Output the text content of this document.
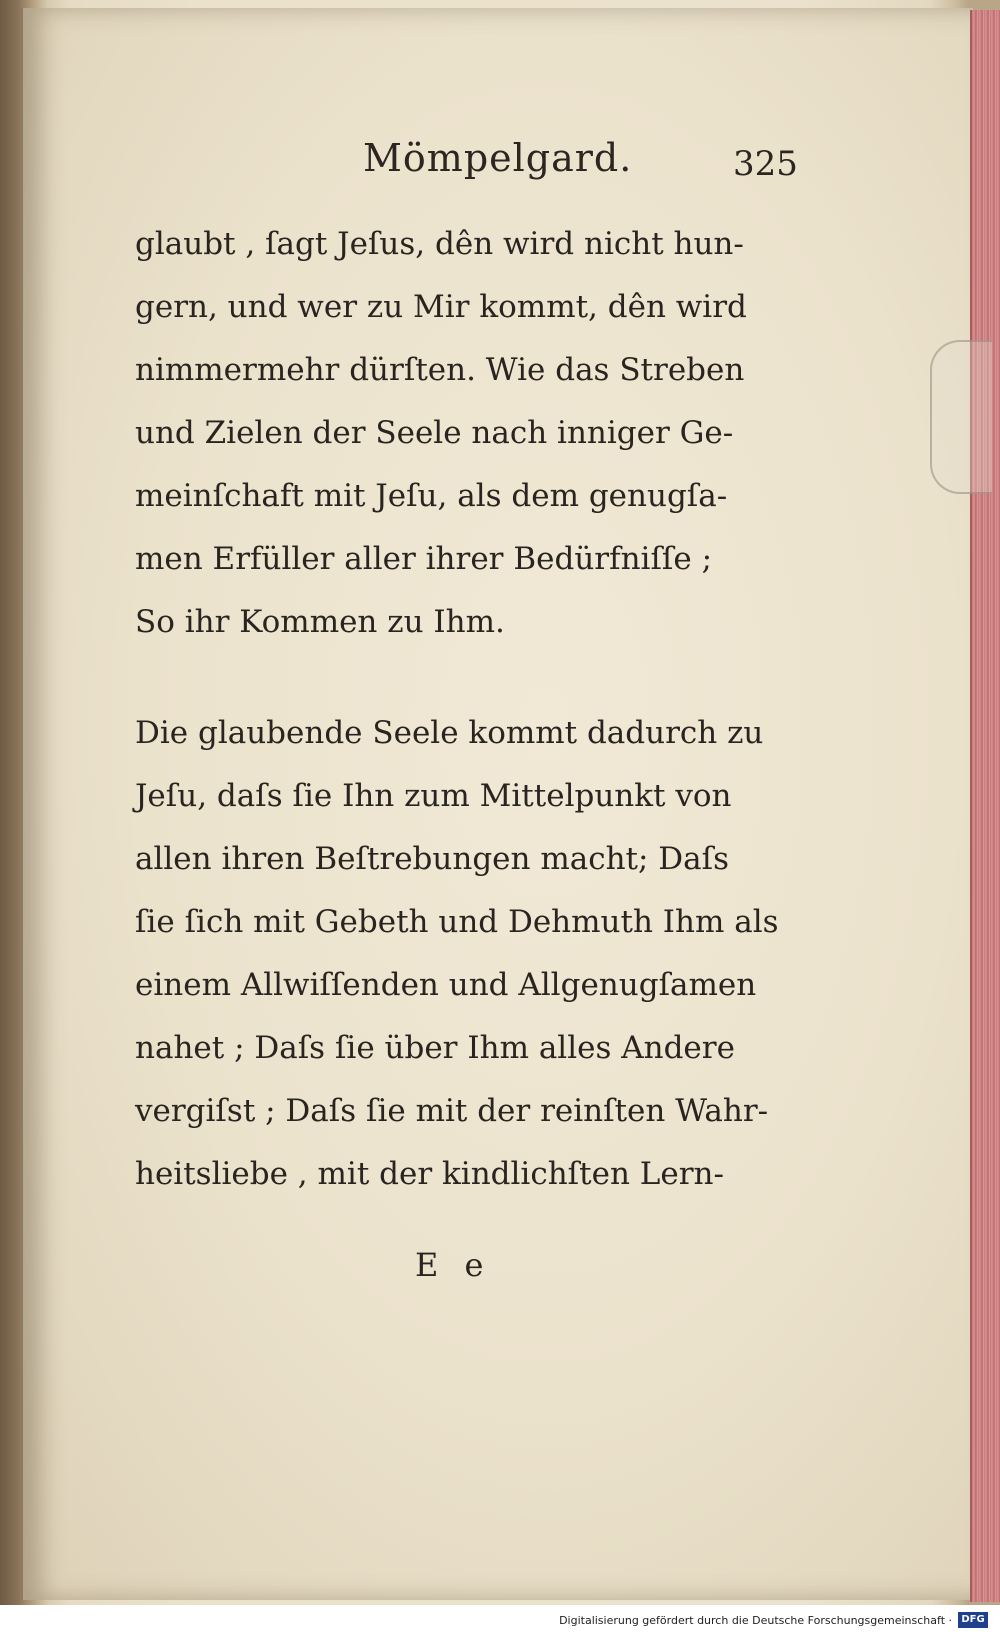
Mömpelgard.	325
glaubt , ſagt Jeſus, dên wird nicht hun-
gern, und wer zu Mir kommt, dên wird
nimmermehr dürſten. Wie das Streben
und Zielen der Seele nach inniger Ge-
meinſchaft mit Jeſu, als dem genugſa-
men Erfüller aller ihrer Bedürfniſſe ;
So ihr Kommen zu Ihm.
Die glaubende Seele kommt dadurch zu
Jeſu, daſs ſie Ihn zum Mittelpunkt von
allen ihren Beſtrebungen macht; Daſs
ſie ſich mit Gebeth und Dehmuth Ihm als
einem Allwiſſenden und Allgenugſamen
nahet ; Daſs ſie über Ihm alles Andere
vergiſst ; Daſs ſie mit der reinſten Wahr-
heitsliebe , mit der kindlichſten Lern-
E e
Digitalisierung gefördert durch die Deutsche Forschungsgemeinschaft · DFG
